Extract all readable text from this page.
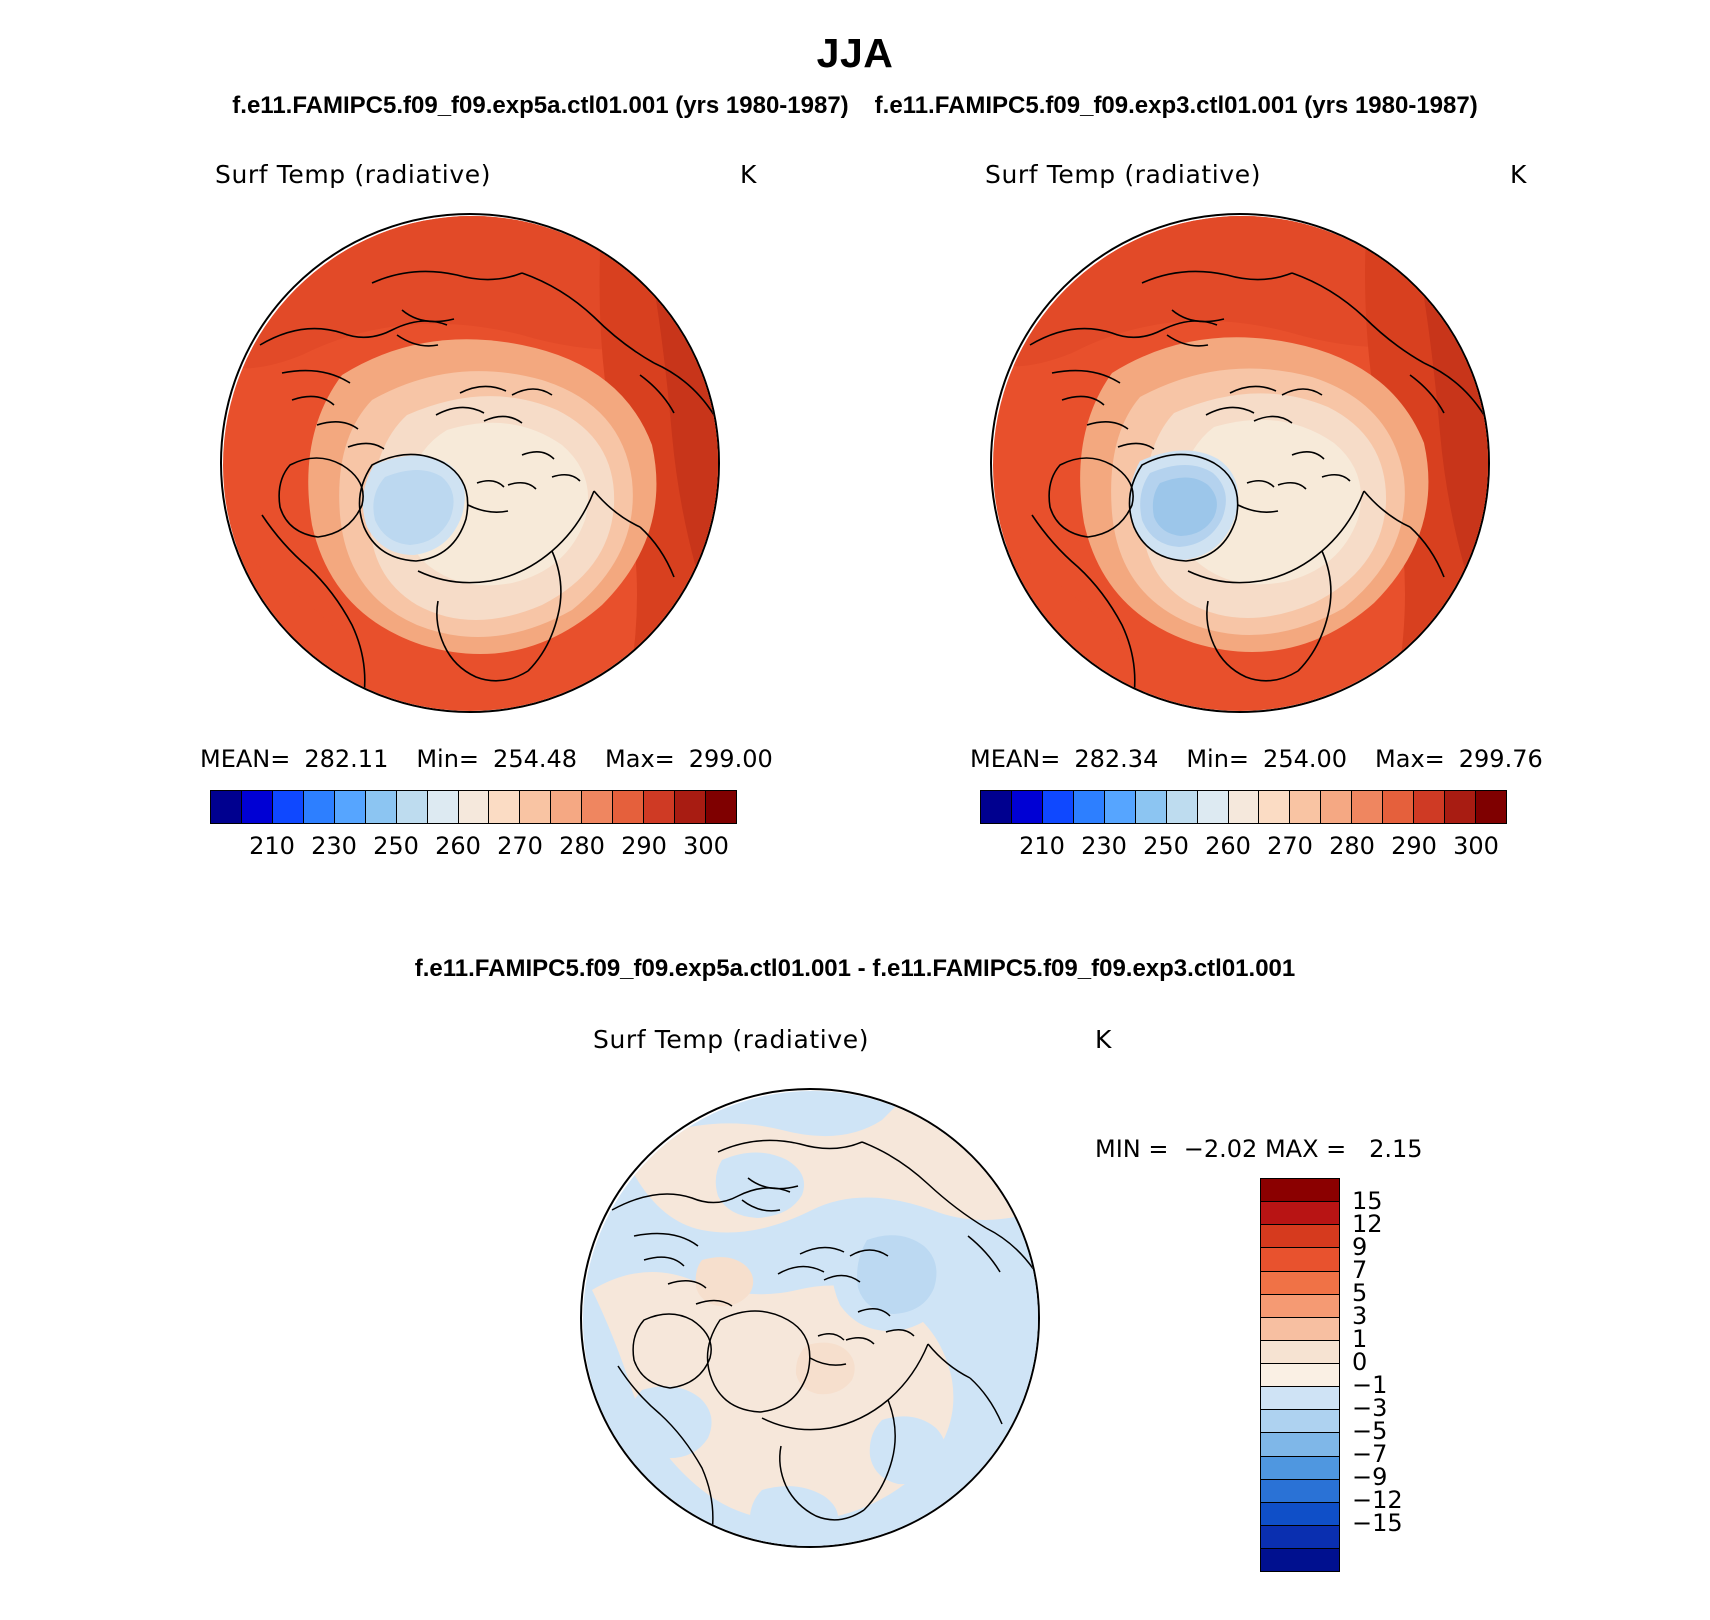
JJA
f.e11.FAMIPC5.f09_f09.exp5a.ctl01.001 (yrs 1980-1987) f.e11.FAMIPC5.f09_f09.exp3.ctl01.001 (yrs 1980-1987)
Surf Temp (radiative)	K
MEAN= 282.11 Min= 254.48 Max= 299.00
210 230 250 260 270 280 290 300
Surf Temp (radiative)	K
MEAN= 282.34 Min= 254.00 Max= 299.76
210 230 250 260 270 280 290 300
f.e11.FAMIPC5.f09_f09.exp5a.ctl01.001 - f.e11.FAMIPC5.f09_f09.exp3.ctl01.001
Surf Temp (radiative)	K
MIN = −2.02 MAX = 2.15
15
12
9
7
5
3
1
0
−1
−3
−5
−7
−9
−12
−15
